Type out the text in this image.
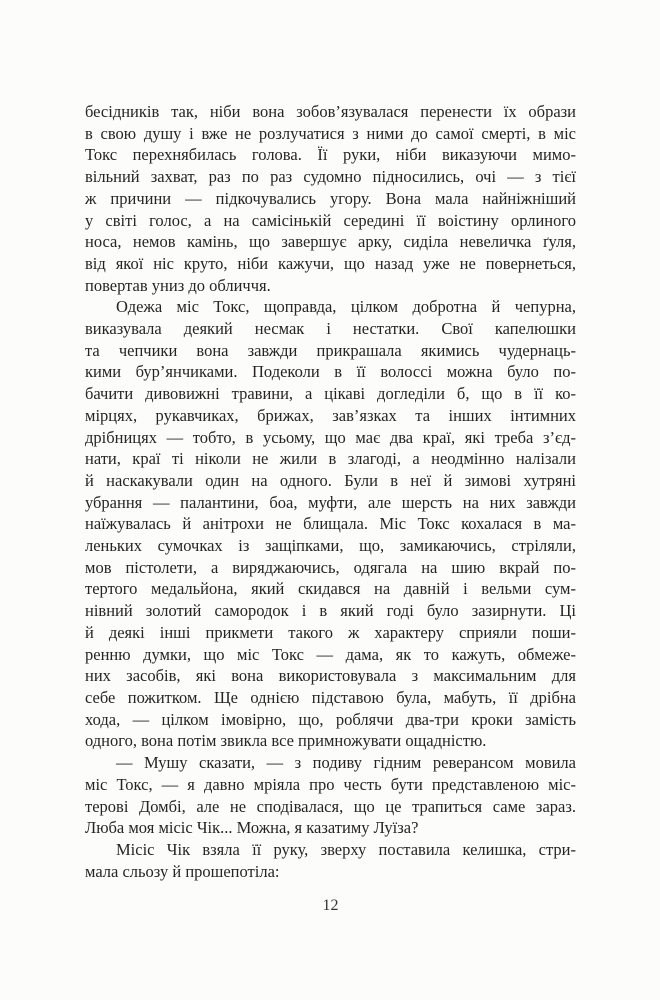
бесідників так, ніби вона зобов’язувалася перенести їх образи
в свою душу і вже не розлучатися з ними до самої смерті, в міс
Токс перехнябилась голова. Її руки, ніби виказуючи мимо-
вільний захват, раз по раз судомно підносились, очі — з тієї
ж причини — підкочувались угору. Вона мала найніжніший
у світі голос, а на самісінькій середині її воістину орлиного
носа, немов камінь, що завершує арку, сиділа невеличка ґуля,
від якої ніс круто, ніби кажучи, що назад уже не повернеться,
повертав униз до обличчя.
Одежа міс Токс, щоправда, цілком добротна й чепурна,
виказувала деякий несмак і нестатки. Свої капелюшки
та чепчики вона завжди прикрашала якимись чудернаць-
кими бур’янчиками. Подеколи в її волоссі можна було по-
бачити дивовижні травини, а цікаві догледіли б, що в її ко-
мірцях, рукавчиках, брижах, зав’язках та інших інтимних
дрібницях — тобто, в усьому, що має два краї, які треба з’єд-
нати, краї ті ніколи не жили в злагоді, а неодмінно налізали
й наскакували один на одного. Були в неї й зимові хутряні
убрання — палантини, боа, муфти, але шерсть на них завжди
наїжувалась й анітрохи не блищала. Міс Токс кохалася в ма-
леньких сумочках із защіпками, що, замикаючись, стріляли,
мов пістолети, а виряджаючись, одягала на шию вкрай по-
тертого медальйона, який скидався на давній і вельми сум-
нівний золотий самородок і в який годі було зазирнути. Ці
й деякі інші прикмети такого ж характеру сприяли поши-
ренню думки, що міс Токс — дама, як то кажуть, обмеже-
них засобів, які вона використовувала з максимальним для
себе пожитком. Ще однією підставою була, мабуть, її дрібна
хода, — цілком імовірно, що, роблячи два-три кроки замість
одного, вона потім звикла все примножувати ощадністю.
— Мушу сказати, — з подиву гідним реверансом мовила
міс Токс, — я давно мріяла про честь бути представленою міс-
терові Домбі, але не сподівалася, що це трапиться саме зараз.
Люба моя місіс Чік... Можна, я казатиму Луїза?
Місіс Чік взяла її руку, зверху поставила келишка, стри-
мала сльозу й прошепотіла:
12
